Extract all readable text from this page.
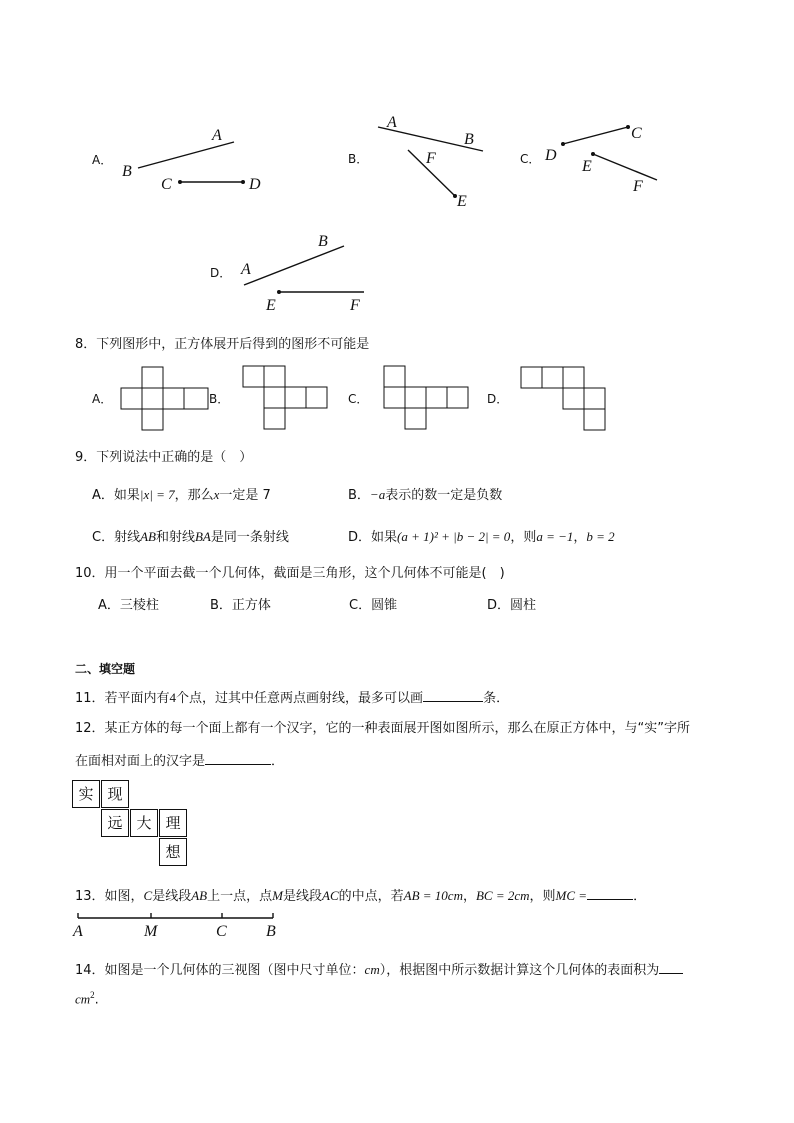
A．
A
B
C	D
B．
A
B
F
E
C． D
C
E
F
D． A
B
E	F
8．下列图形中，正方体展开后得到的图形不可能是
A．	B．	C．	D．
9．下列说法中正确的是（　）
A．如果|x| = 7，那么x一定是 7	B．−a表示的数一定是负数
C．射线AB和射线BA是同一条射线	D．如果(a + 1)² + |b − 2| = 0，则a = −1，b = 2
10．用一个平面去截一个几何体，截面是三角形，这个几何体不可能是(　)
A．三棱柱	B．正方体	C．圆锥	D．圆柱
二、填空题
11．若平面内有4个点，过其中任意两点画射线，最多可以画	条．
12．某正方体的每一个面上都有一个汉字，它的一种表面展开图如图所示，那么在原正方体中，与“实”字所
在面相对面上的汉字是	．
实 现
远 大 理
想
13．如图，C是线段AB上一点，点M是线段AC的中点，若AB = 10cm，BC = 2cm，则MC =	．
A	M	C B
14．如图是一个几何体的三视图（图中尺寸单位：cm），根据图中所示数据计算这个几何体的表面积为
$cm^2$.
